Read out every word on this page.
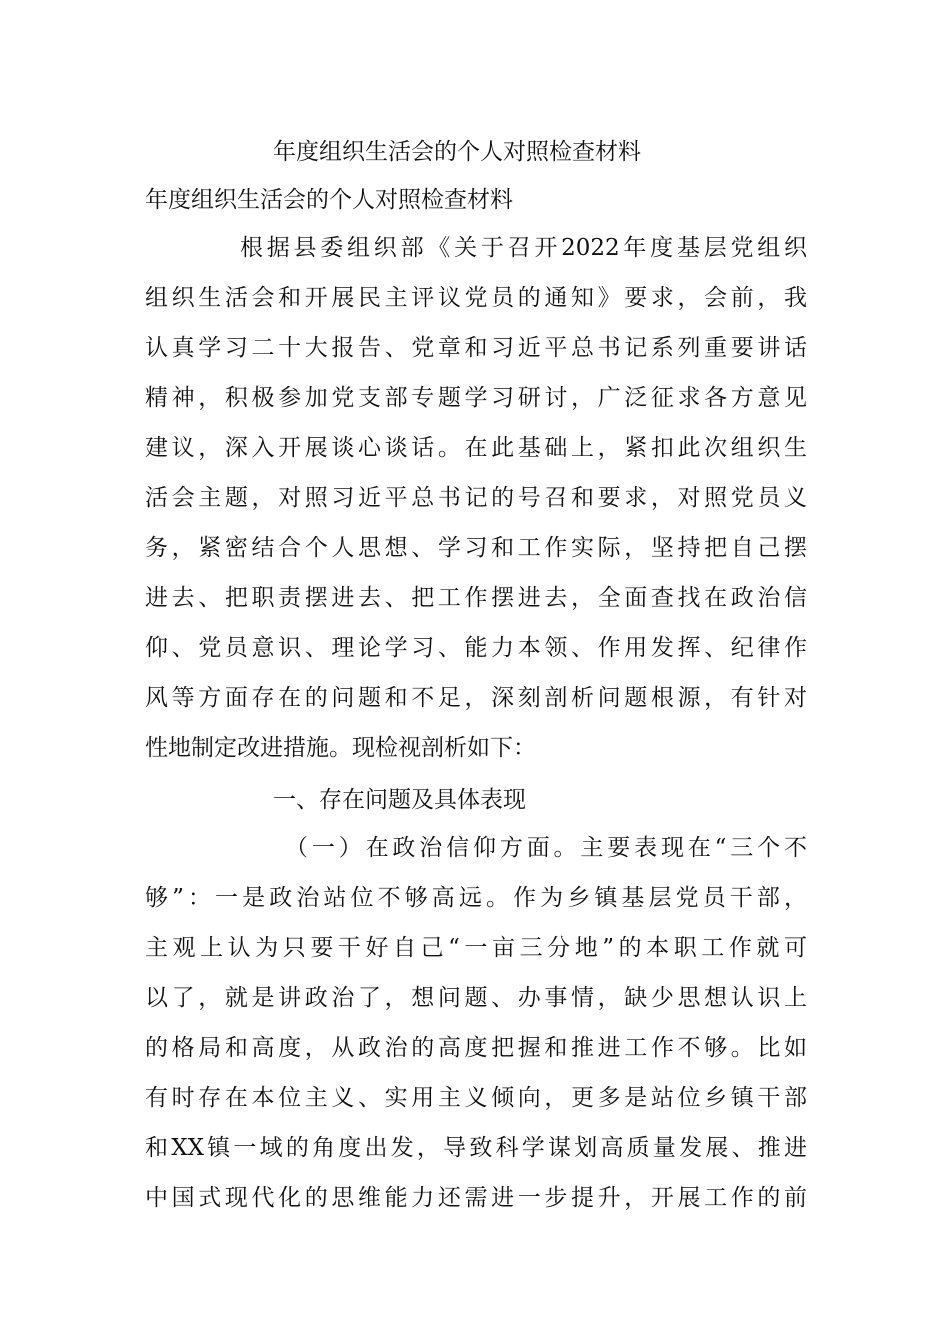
年度组织生活会的个人对照检查材料
年度组织生活会的个人对照检查材料
根据县委组织部《关于召开2022年度基层党组织
组织生活会和开展民主评议党员的通知》要求，会前，我
认真学习二十大报告、党章和习近平总书记系列重要讲话
精神，积极参加党支部专题学习研讨，广泛征求各方意见
建议，深入开展谈心谈话。在此基础上，紧扣此次组织生
活会主题，对照习近平总书记的号召和要求，对照党员义
务，紧密结合个人思想、学习和工作实际，坚持把自己摆
进去、把职责摆进去、把工作摆进去，全面查找在政治信
仰、党员意识、理论学习、能力本领、作用发挥、纪律作
风等方面存在的问题和不足，深刻剖析问题根源，有针对
性地制定改进措施。现检视剖析如下：
一、存在问题及具体表现
（一）在政治信仰方面。主要表现在“三个不
够”：一是政治站位不够高远。作为乡镇基层党员干部，
主观上认为只要干好自己“一亩三分地”的本职工作就可
以了，就是讲政治了，想问题、办事情，缺少思想认识上
的格局和高度，从政治的高度把握和推进工作不够。比如
有时存在本位主义、实用主义倾向，更多是站位乡镇干部
和XX镇一域的角度出发，导致科学谋划高质量发展、推进
中国式现代化的思维能力还需进一步提升，开展工作的前
